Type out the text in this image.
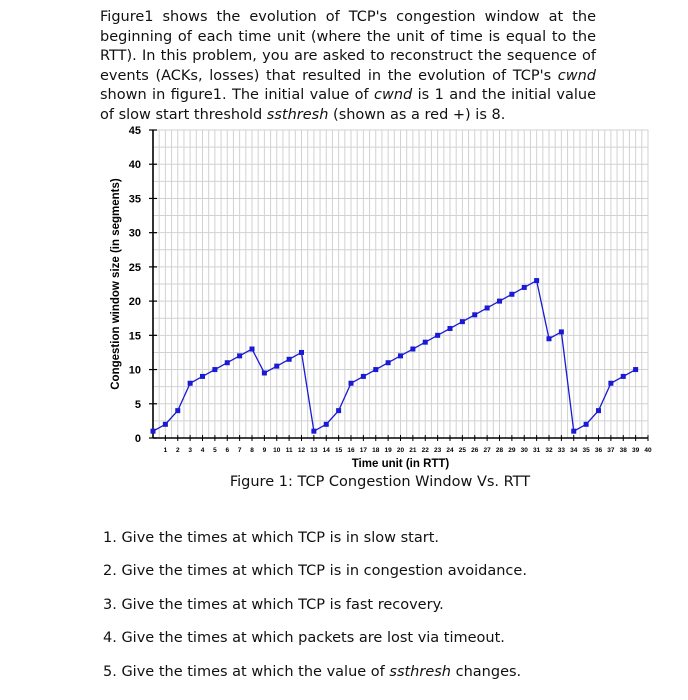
Figure1 shows the evolution of TCP's congestion window at the beginning of each time unit (where the unit of time is equal to the RTT). In this problem, you are asked to reconstruct the sequence of events (ACKs, losses) that resulted in the evolution of TCP's cwnd shown in figure1. The initial value of cwnd is 1 and the initial value of slow start threshold ssthresh (shown as a red +) is 8.

0
5
10
15
20
25
30
35
40
45
1 2 3 4 5 6 7 8 9 10 11 12 13 14 15 16 17 18 19 20 21 22 23 24 25 26 27 28 29 30 31 32 33 34 35 36 37 38 39 40
Time unit (in RTT)
Congestion window size (in segments)

Figure 1: TCP Congestion Window Vs. RTT

1. Give the times at which TCP is in slow start.
2. Give the times at which TCP is in congestion avoidance.
3. Give the times at which TCP is fast recovery.
4. Give the times at which packets are lost via timeout.
5. Give the times at which the value of ssthresh changes.
